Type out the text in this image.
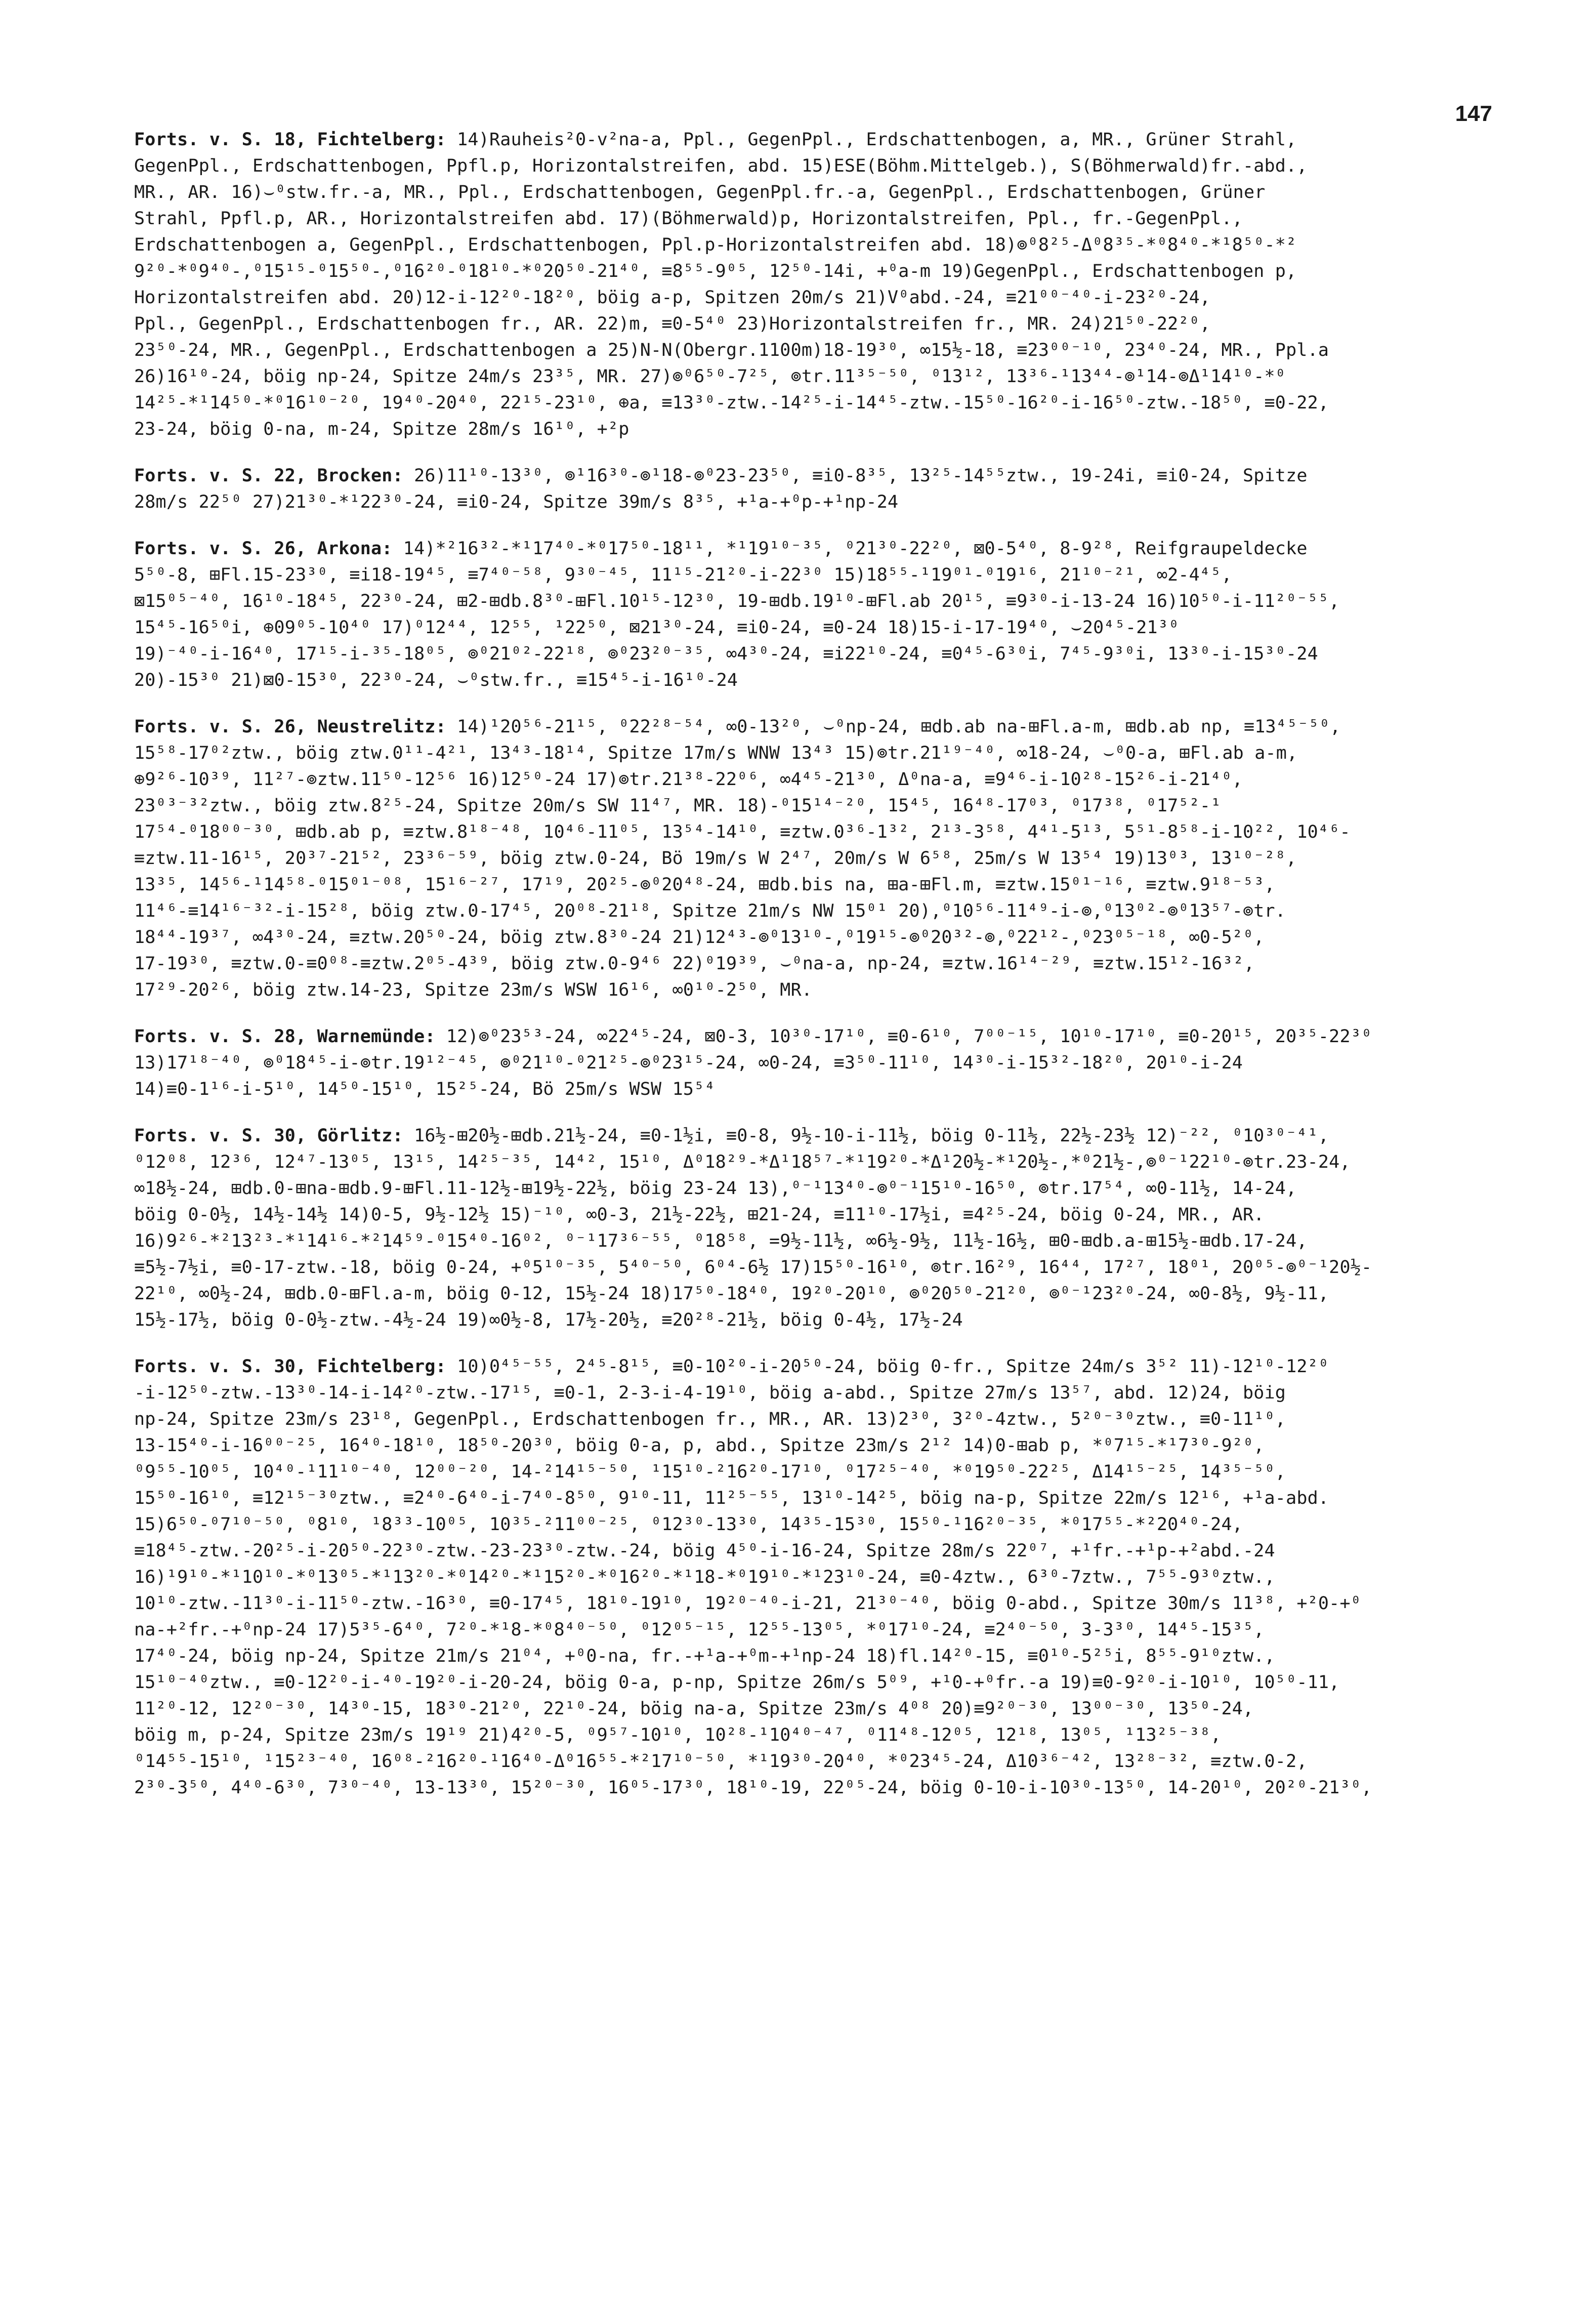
147

Forts. v. S. 18, Fichtelberg: 14)Rauheis²0-v²na-a, Ppl., GegenPpl., Erdschattenbogen, a, MR., Grüner Strahl,

GegenPpl., Erdschattenbogen, Ppfl.p, Horizontalstreifen, abd. 15)ESE(Böhm.Mittelgeb.), S(Böhmerwald)fr.-abd.,

MR., AR. 16)⌣⁰stw.fr.-a, MR., Ppl., Erdschattenbogen, GegenPpl.fr.-a, GegenPpl., Erdschattenbogen, Grüner

Strahl, Ppfl.p, AR., Horizontalstreifen abd. 17)(Böhmerwald)p, Horizontalstreifen, Ppl., fr.-GegenPpl.,

Erdschattenbogen a, GegenPpl., Erdschattenbogen, Ppl.p-Horizontalstreifen abd. 18)⊚⁰8²⁵-Δ⁰8³⁵-*⁰8⁴⁰-*¹8⁵⁰-*²

9²⁰-*⁰9⁴⁰-,⁰15¹⁵-⁰15⁵⁰-,⁰16²⁰-⁰18¹⁰-*⁰20⁵⁰-21⁴⁰, ≡8⁵⁵-9⁰⁵, 12⁵⁰-14i, +⁰a-m 19)GegenPpl., Erdschattenbogen p,

Horizontalstreifen abd. 20)12-i-12²⁰-18²⁰, böig a-p, Spitzen 20m/s 21)V⁰abd.-24, ≡21⁰⁰⁻⁴⁰-i-23²⁰-24,

Ppl., GegenPpl., Erdschattenbogen fr., AR. 22)m, ≡0-5⁴⁰ 23)Horizontalstreifen fr., MR. 24)21⁵⁰-22²⁰,

23⁵⁰-24, MR., GegenPpl., Erdschattenbogen a 25)N-N(Obergr.1100m)18-19³⁰, ∞15½-18, ≡23⁰⁰⁻¹⁰, 23⁴⁰-24, MR., Ppl.a

26)16¹⁰-24, böig np-24, Spitze 24m/s 23³⁵, MR. 27)⊚⁰6⁵⁰-7²⁵, ⊚tr.11³⁵⁻⁵⁰, ⁰13¹², 13³⁶-¹13⁴⁴-⊚¹14-⊚Δ¹14¹⁰-*⁰

14²⁵-*¹14⁵⁰-*⁰16¹⁰⁻²⁰, 19⁴⁰-20⁴⁰, 22¹⁵-23¹⁰, ⊕a, ≡13³⁰-ztw.-14²⁵-i-14⁴⁵-ztw.-15⁵⁰-16²⁰-i-16⁵⁰-ztw.-18⁵⁰, ≡0-22,

23-24, böig 0-na, m-24, Spitze 28m/s 16¹⁰, +²p

Forts. v. S. 22, Brocken: 26)11¹⁰-13³⁰, ⊚¹16³⁰-⊚¹18-⊚⁰23-23⁵⁰, ≡i0-8³⁵, 13²⁵-14⁵⁵ztw., 19-24i, ≡i0-24, Spitze

28m/s 22⁵⁰ 27)21³⁰-*¹22³⁰-24, ≡i0-24, Spitze 39m/s 8³⁵, +¹a-+⁰p-+¹np-24

Forts. v. S. 26, Arkona: 14)*²16³²-*¹17⁴⁰-*⁰17⁵⁰-18¹¹, *¹19¹⁰⁻³⁵, ⁰21³⁰-22²⁰, ⊠0-5⁴⁰, 8-9²⁸, Reifgraupeldecke

5⁵⁰-8, ⊞Fl.15-23³⁰, ≡i18-19⁴⁵, ≡7⁴⁰⁻⁵⁸, 9³⁰⁻⁴⁵, 11¹⁵-21²⁰-i-22³⁰ 15)18⁵⁵-¹19⁰¹-⁰19¹⁶, 21¹⁰⁻²¹, ∞2-4⁴⁵,

⊠15⁰⁵⁻⁴⁰, 16¹⁰-18⁴⁵, 22³⁰-24, ⊞2-⊞db.8³⁰-⊞Fl.10¹⁵-12³⁰, 19-⊞db.19¹⁰-⊞Fl.ab 20¹⁵, ≡9³⁰-i-13-24 16)10⁵⁰-i-11²⁰⁻⁵⁵,

15⁴⁵-16⁵⁰i, ⊕09⁰⁵-10⁴⁰ 17)⁰12⁴⁴, 12⁵⁵, ¹22⁵⁰, ⊠21³⁰-24, ≡i0-24, ≡0-24 18)15-i-17-19⁴⁰, ⌣20⁴⁵-21³⁰

19)⁻⁴⁰-i-16⁴⁰, 17¹⁵-i-³⁵-18⁰⁵, ⊚⁰21⁰²-22¹⁸, ⊚⁰23²⁰⁻³⁵, ∞4³⁰-24, ≡i22¹⁰-24, ≡0⁴⁵-6³⁰i, 7⁴⁵-9³⁰i, 13³⁰-i-15³⁰-24

20)-15³⁰ 21)⊠0-15³⁰, 22³⁰-24, ⌣⁰stw.fr., ≡15⁴⁵-i-16¹⁰-24

Forts. v. S. 26, Neustrelitz: 14)¹20⁵⁶-21¹⁵, ⁰22²⁸⁻⁵⁴, ∞0-13²⁰, ⌣⁰np-24, ⊞db.ab na-⊞Fl.a-m, ⊞db.ab np, ≡13⁴⁵⁻⁵⁰,

15⁵⁸-17⁰²ztw., böig ztw.0¹¹-4²¹, 13⁴³-18¹⁴, Spitze 17m/s WNW 13⁴³ 15)⊚tr.21¹⁹⁻⁴⁰, ∞18-24, ⌣⁰0-a, ⊞Fl.ab a-m,

⊕9²⁶-10³⁹, 11²⁷-⊚ztw.11⁵⁰-12⁵⁶ 16)12⁵⁰-24 17)⊚tr.21³⁸-22⁰⁶, ∞4⁴⁵-21³⁰, Δ⁰na-a, ≡9⁴⁶-i-10²⁸-15²⁶-i-21⁴⁰,

23⁰³⁻³²ztw., böig ztw.8²⁵-24, Spitze 20m/s SW 11⁴⁷, MR. 18)-⁰15¹⁴⁻²⁰, 15⁴⁵, 16⁴⁸-17⁰³, ⁰17³⁸, ⁰17⁵²-¹

17⁵⁴-⁰18⁰⁰⁻³⁰, ⊞db.ab p, ≡ztw.8¹⁸⁻⁴⁸, 10⁴⁶-11⁰⁵, 13⁵⁴-14¹⁰, ≡ztw.0³⁶-1³², 2¹³-3⁵⁸, 4⁴¹-5¹³, 5⁵¹-8⁵⁸-i-10²², 10⁴⁶-

≡ztw.11-16¹⁵, 20³⁷-21⁵², 23³⁶⁻⁵⁹, böig ztw.0-24, Bö 19m/s W 2⁴⁷, 20m/s W 6⁵⁸, 25m/s W 13⁵⁴ 19)13⁰³, 13¹⁰⁻²⁸,

13³⁵, 14⁵⁶-¹14⁵⁸-⁰15⁰¹⁻⁰⁸, 15¹⁶⁻²⁷, 17¹⁹, 20²⁵-⊚⁰20⁴⁸-24, ⊞db.bis na, ⊞a-⊞Fl.m, ≡ztw.15⁰¹⁻¹⁶, ≡ztw.9¹⁸⁻⁵³,

11⁴⁶-≡14¹⁶⁻³²-i-15²⁸, böig ztw.0-17⁴⁵, 20⁰⁸-21¹⁸, Spitze 21m/s NW 15⁰¹ 20),⁰10⁵⁶-11⁴⁹-i-⊚,⁰13⁰²-⊚⁰13⁵⁷-⊚tr.

18⁴⁴-19³⁷, ∞4³⁰-24, ≡ztw.20⁵⁰-24, böig ztw.8³⁰-24 21)12⁴³-⊚⁰13¹⁰-,⁰19¹⁵-⊚⁰20³²-⊚,⁰22¹²-,⁰23⁰⁵⁻¹⁸, ∞0-5²⁰,

17-19³⁰, ≡ztw.0-≡0⁰⁸-≡ztw.2⁰⁵-4³⁹, böig ztw.0-9⁴⁶ 22)⁰19³⁹, ⌣⁰na-a, np-24, ≡ztw.16¹⁴⁻²⁹, ≡ztw.15¹²-16³²,

17²⁹-20²⁶, böig ztw.14-23, Spitze 23m/s WSW 16¹⁶, ∞0¹⁰-2⁵⁰, MR.

Forts. v. S. 28, Warnemünde: 12)⊚⁰23⁵³-24, ∞22⁴⁵-24, ⊠0-3, 10³⁰-17¹⁰, ≡0-6¹⁰, 7⁰⁰⁻¹⁵, 10¹⁰-17¹⁰, ≡0-20¹⁵, 20³⁵-22³⁰

13)17¹⁸⁻⁴⁰, ⊚⁰18⁴⁵-i-⊚tr.19¹²⁻⁴⁵, ⊚⁰21¹⁰-⁰21²⁵-⊚⁰23¹⁵-24, ∞0-24, ≡3⁵⁰-11¹⁰, 14³⁰-i-15³²-18²⁰, 20¹⁰-i-24

14)≡0-1¹⁶-i-5¹⁰, 14⁵⁰-15¹⁰, 15²⁵-24, Bö 25m/s WSW 15⁵⁴

Forts. v. S. 30, Görlitz: 16½-⊞20½-⊞db.21½-24, ≡0-1½i, ≡0-8, 9½-10-i-11½, böig 0-11½, 22½-23½ 12)⁻²², ⁰10³⁰⁻⁴¹,

⁰12⁰⁸, 12³⁶, 12⁴⁷-13⁰⁵, 13¹⁵, 14²⁵⁻³⁵, 14⁴², 15¹⁰, Δ⁰18²⁹-*Δ¹18⁵⁷-*¹19²⁰-*Δ¹20½-*¹20½-,*⁰21½-,⊚⁰⁻¹22¹⁰-⊚tr.23-24,

∞18½-24, ⊞db.0-⊞na-⊞db.9-⊞Fl.11-12½-⊞19½-22½, böig 23-24 13),⁰⁻¹13⁴⁰-⊚⁰⁻¹15¹⁰-16⁵⁰, ⊚tr.17⁵⁴, ∞0-11½, 14-24,

böig 0-0½, 14½-14½ 14)0-5, 9½-12½ 15)⁻¹⁰, ∞0-3, 21½-22½, ⊞21-24, ≡11¹⁰-17½i, ≡4²⁵-24, böig 0-24, MR., AR.

16)9²⁶-*²13²³-*¹14¹⁶-*²14⁵⁹-⁰15⁴⁰-16⁰², ⁰⁻¹17³⁶⁻⁵⁵, ⁰18⁵⁸, =9½-11½, ∞6½-9½, 11½-16½, ⊞0-⊞db.a-⊞15½-⊞db.17-24,

≡5½-7½i, ≡0-17-ztw.-18, böig 0-24, +⁰5¹⁰⁻³⁵, 5⁴⁰⁻⁵⁰, 6⁰⁴-6½ 17)15⁵⁰-16¹⁰, ⊚tr.16²⁹, 16⁴⁴, 17²⁷, 18⁰¹, 20⁰⁵-⊚⁰⁻¹20½-

22¹⁰, ∞0½-24, ⊞db.0-⊞Fl.a-m, böig 0-12, 15½-24 18)17⁵⁰-18⁴⁰, 19²⁰-20¹⁰, ⊚⁰20⁵⁰-21²⁰, ⊚⁰⁻¹23²⁰-24, ∞0-8½, 9½-11,

15½-17½, böig 0-0½-ztw.-4½-24 19)∞0½-8, 17½-20½, ≡20²⁸-21½, böig 0-4½, 17½-24

Forts. v. S. 30, Fichtelberg: 10)0⁴⁵⁻⁵⁵, 2⁴⁵-8¹⁵, ≡0-10²⁰-i-20⁵⁰-24, böig 0-fr., Spitze 24m/s 3⁵² 11)-12¹⁰-12²⁰

-i-12⁵⁰-ztw.-13³⁰-14-i-14²⁰-ztw.-17¹⁵, ≡0-1, 2-3-i-4-19¹⁰, böig a-abd., Spitze 27m/s 13⁵⁷, abd. 12)24, böig

np-24, Spitze 23m/s 23¹⁸, GegenPpl., Erdschattenbogen fr., MR., AR. 13)2³⁰, 3²⁰-4ztw., 5²⁰⁻³⁰ztw., ≡0-11¹⁰,

13-15⁴⁰-i-16⁰⁰⁻²⁵, 16⁴⁰-18¹⁰, 18⁵⁰-20³⁰, böig 0-a, p, abd., Spitze 23m/s 2¹² 14)0-⊞ab p, *⁰7¹⁵-*¹7³⁰-9²⁰,

⁰9⁵⁵-10⁰⁵, 10⁴⁰-¹11¹⁰⁻⁴⁰, 12⁰⁰⁻²⁰, 14-²14¹⁵⁻⁵⁰, ¹15¹⁰-²16²⁰-17¹⁰, ⁰17²⁵⁻⁴⁰, *⁰19⁵⁰-22²⁵, Δ14¹⁵⁻²⁵, 14³⁵⁻⁵⁰,

15⁵⁰-16¹⁰, ≡12¹⁵⁻³⁰ztw., ≡2⁴⁰-6⁴⁰-i-7⁴⁰-8⁵⁰, 9¹⁰-11, 11²⁵⁻⁵⁵, 13¹⁰-14²⁵, böig na-p, Spitze 22m/s 12¹⁶, +¹a-abd.

15)6⁵⁰-⁰7¹⁰⁻⁵⁰, ⁰8¹⁰, ¹8³³-10⁰⁵, 10³⁵-²11⁰⁰⁻²⁵, ⁰12³⁰-13³⁰, 14³⁵-15³⁰, 15⁵⁰-¹16²⁰⁻³⁵, *⁰17⁵⁵-*²20⁴⁰-24,

≡18⁴⁵-ztw.-20²⁵-i-20⁵⁰-22³⁰-ztw.-23-23³⁰-ztw.-24, böig 4⁵⁰-i-16-24, Spitze 28m/s 22⁰⁷, +¹fr.-+¹p-+²abd.-24

16)¹9¹⁰-*¹10¹⁰-*⁰13⁰⁵-*¹13²⁰-*⁰14²⁰-*¹15²⁰-*⁰16²⁰-*¹18-*⁰19¹⁰-*¹23¹⁰-24, ≡0-4ztw., 6³⁰-7ztw., 7⁵⁵-9³⁰ztw.,

10¹⁰-ztw.-11³⁰-i-11⁵⁰-ztw.-16³⁰, ≡0-17⁴⁵, 18¹⁰-19¹⁰, 19²⁰⁻⁴⁰-i-21, 21³⁰⁻⁴⁰, böig 0-abd., Spitze 30m/s 11³⁸, +²0-+⁰

na-+²fr.-+⁰np-24 17)5³⁵-6⁴⁰, 7²⁰-*¹8-*⁰8⁴⁰⁻⁵⁰, ⁰12⁰⁵⁻¹⁵, 12⁵⁵-13⁰⁵, *⁰17¹⁰-24, ≡2⁴⁰⁻⁵⁰, 3-3³⁰, 14⁴⁵-15³⁵,

17⁴⁰-24, böig np-24, Spitze 21m/s 21⁰⁴, +⁰0-na, fr.-+¹a-+⁰m-+¹np-24 18)fl.14²⁰-15, ≡0¹⁰-5²⁵i, 8⁵⁵-9¹⁰ztw.,

15¹⁰⁻⁴⁰ztw., ≡0-12²⁰-i-⁴⁰-19²⁰-i-20-24, böig 0-a, p-np, Spitze 26m/s 5⁰⁹, +¹0-+⁰fr.-a 19)≡0-9²⁰-i-10¹⁰, 10⁵⁰-11,

11²⁰-12, 12²⁰⁻³⁰, 14³⁰-15, 18³⁰-21²⁰, 22¹⁰-24, böig na-a, Spitze 23m/s 4⁰⁸ 20)≡9²⁰⁻³⁰, 13⁰⁰⁻³⁰, 13⁵⁰-24,

böig m, p-24, Spitze 23m/s 19¹⁹ 21)4²⁰-5, ⁰9⁵⁷-10¹⁰, 10²⁸-¹10⁴⁰⁻⁴⁷, ⁰11⁴⁸-12⁰⁵, 12¹⁸, 13⁰⁵, ¹13²⁵⁻³⁸,

⁰14⁵⁵-15¹⁰, ¹15²³⁻⁴⁰, 16⁰⁸-²16²⁰-¹16⁴⁰-Δ⁰16⁵⁵-*²17¹⁰⁻⁵⁰, *¹19³⁰-20⁴⁰, *⁰23⁴⁵-24, Δ10³⁶⁻⁴², 13²⁸⁻³², ≡ztw.0-2,

2³⁰-3⁵⁰, 4⁴⁰-6³⁰, 7³⁰⁻⁴⁰, 13-13³⁰, 15²⁰⁻³⁰, 16⁰⁵-17³⁰, 18¹⁰-19, 22⁰⁵-24, böig 0-10-i-10³⁰-13⁵⁰, 14-20¹⁰, 20²⁰-21³⁰,
